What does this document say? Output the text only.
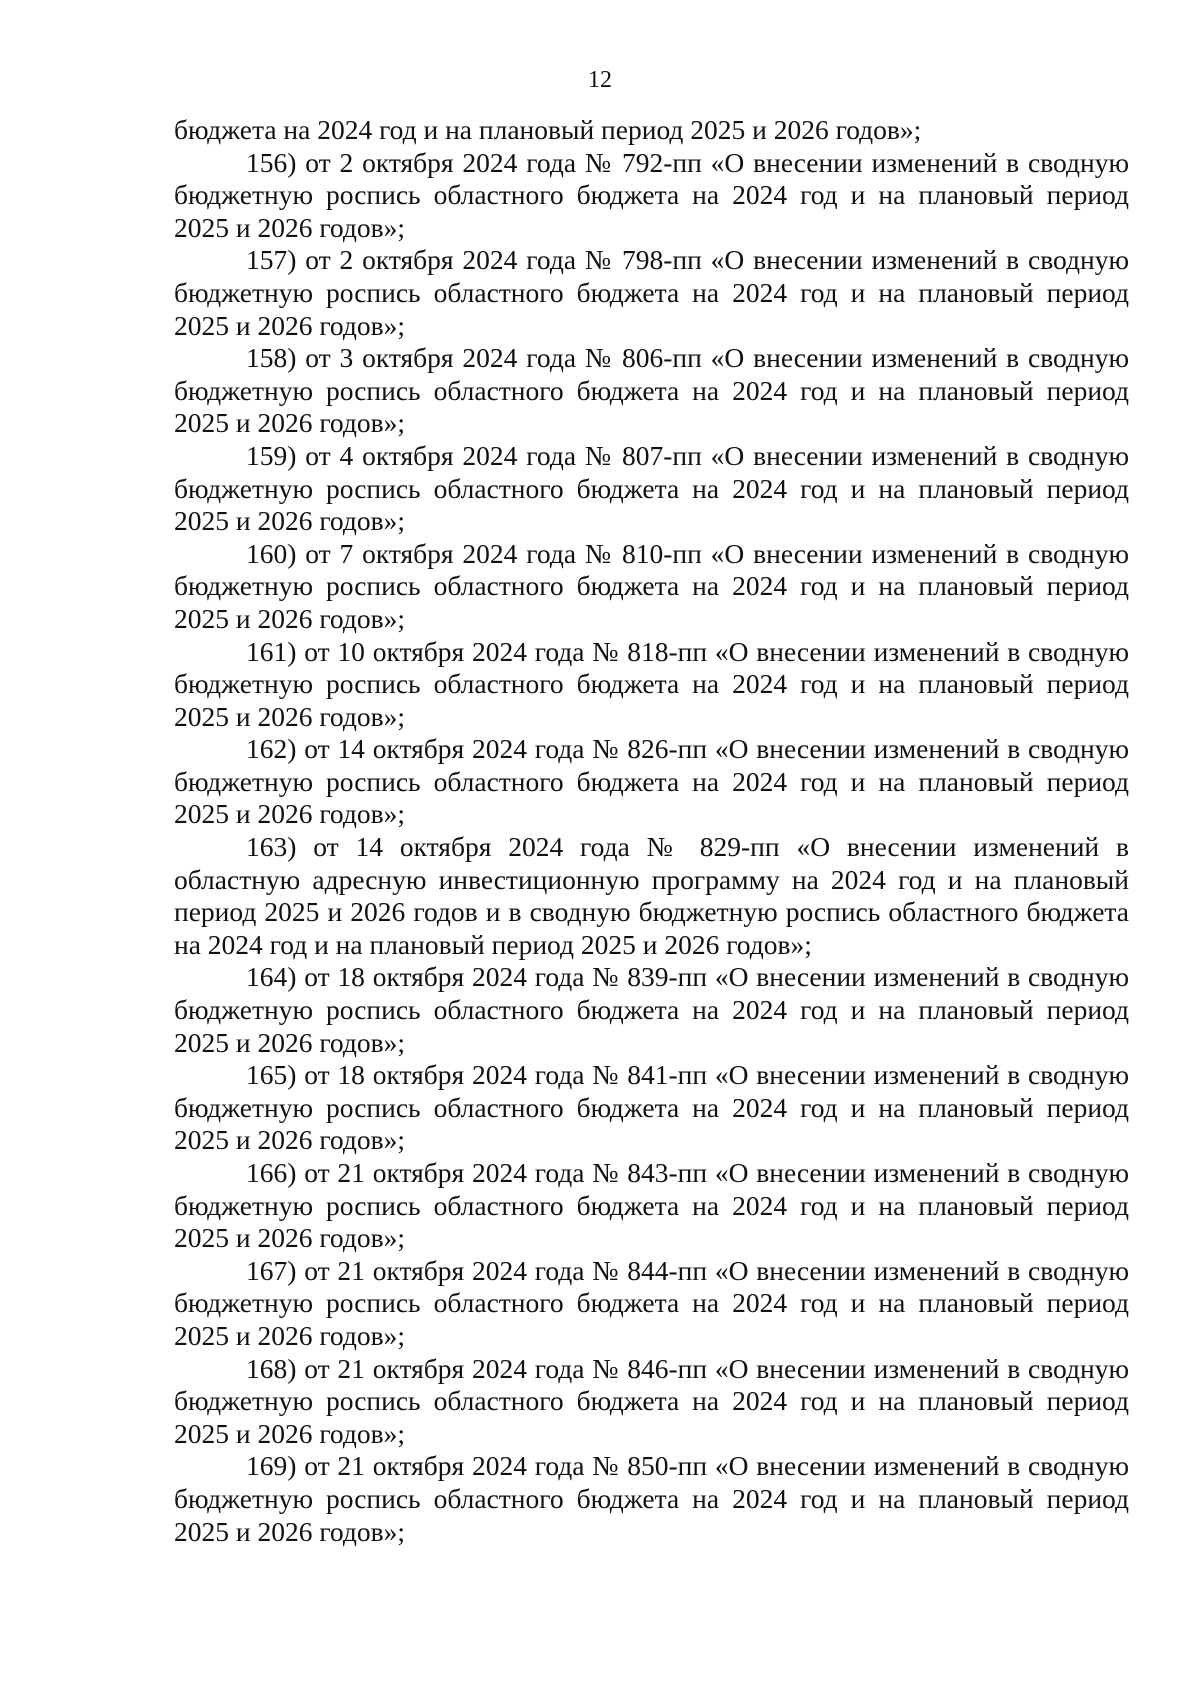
12

бюджета на 2024 год и на плановый период 2025 и 2026 годов»;

156) от 2 октября 2024 года № 792-пп «О внесении изменений в сводную бюджетную роспись областного бюджета на 2024 год и на плановый период 2025 и 2026 годов»;

157) от 2 октября 2024 года № 798-пп «О внесении изменений в сводную бюджетную роспись областного бюджета на 2024 год и на плановый период 2025 и 2026 годов»;

158) от 3 октября 2024 года № 806-пп «О внесении изменений в сводную бюджетную роспись областного бюджета на 2024 год и на плановый период 2025 и 2026 годов»;

159) от 4 октября 2024 года № 807-пп «О внесении изменений в сводную бюджетную роспись областного бюджета на 2024 год и на плановый период 2025 и 2026 годов»;

160) от 7 октября 2024 года № 810-пп «О внесении изменений в сводную бюджетную роспись областного бюджета на 2024 год и на плановый период 2025 и 2026 годов»;

161) от 10 октября 2024 года № 818-пп «О внесении изменений в сводную бюджетную роспись областного бюджета на 2024 год и на плановый период 2025 и 2026 годов»;

162) от 14 октября 2024 года № 826-пп «О внесении изменений в сводную бюджетную роспись областного бюджета на 2024 год и на плановый период 2025 и 2026 годов»;

163) от 14 октября 2024 года № 829-пп «О внесении изменений в областную адресную инвестиционную программу на 2024 год и на плановый период 2025 и 2026 годов и в сводную бюджетную роспись областного бюджета на 2024 год и на плановый период 2025 и 2026 годов»;

164) от 18 октября 2024 года № 839-пп «О внесении изменений в сводную бюджетную роспись областного бюджета на 2024 год и на плановый период 2025 и 2026 годов»;

165) от 18 октября 2024 года № 841-пп «О внесении изменений в сводную бюджетную роспись областного бюджета на 2024 год и на плановый период 2025 и 2026 годов»;

166) от 21 октября 2024 года № 843-пп «О внесении изменений в сводную бюджетную роспись областного бюджета на 2024 год и на плановый период 2025 и 2026 годов»;

167) от 21 октября 2024 года № 844-пп «О внесении изменений в сводную бюджетную роспись областного бюджета на 2024 год и на плановый период 2025 и 2026 годов»;

168) от 21 октября 2024 года № 846-пп «О внесении изменений в сводную бюджетную роспись областного бюджета на 2024 год и на плановый период 2025 и 2026 годов»;

169) от 21 октября 2024 года № 850-пп «О внесении изменений в сводную бюджетную роспись областного бюджета на 2024 год и на плановый период 2025 и 2026 годов»;
